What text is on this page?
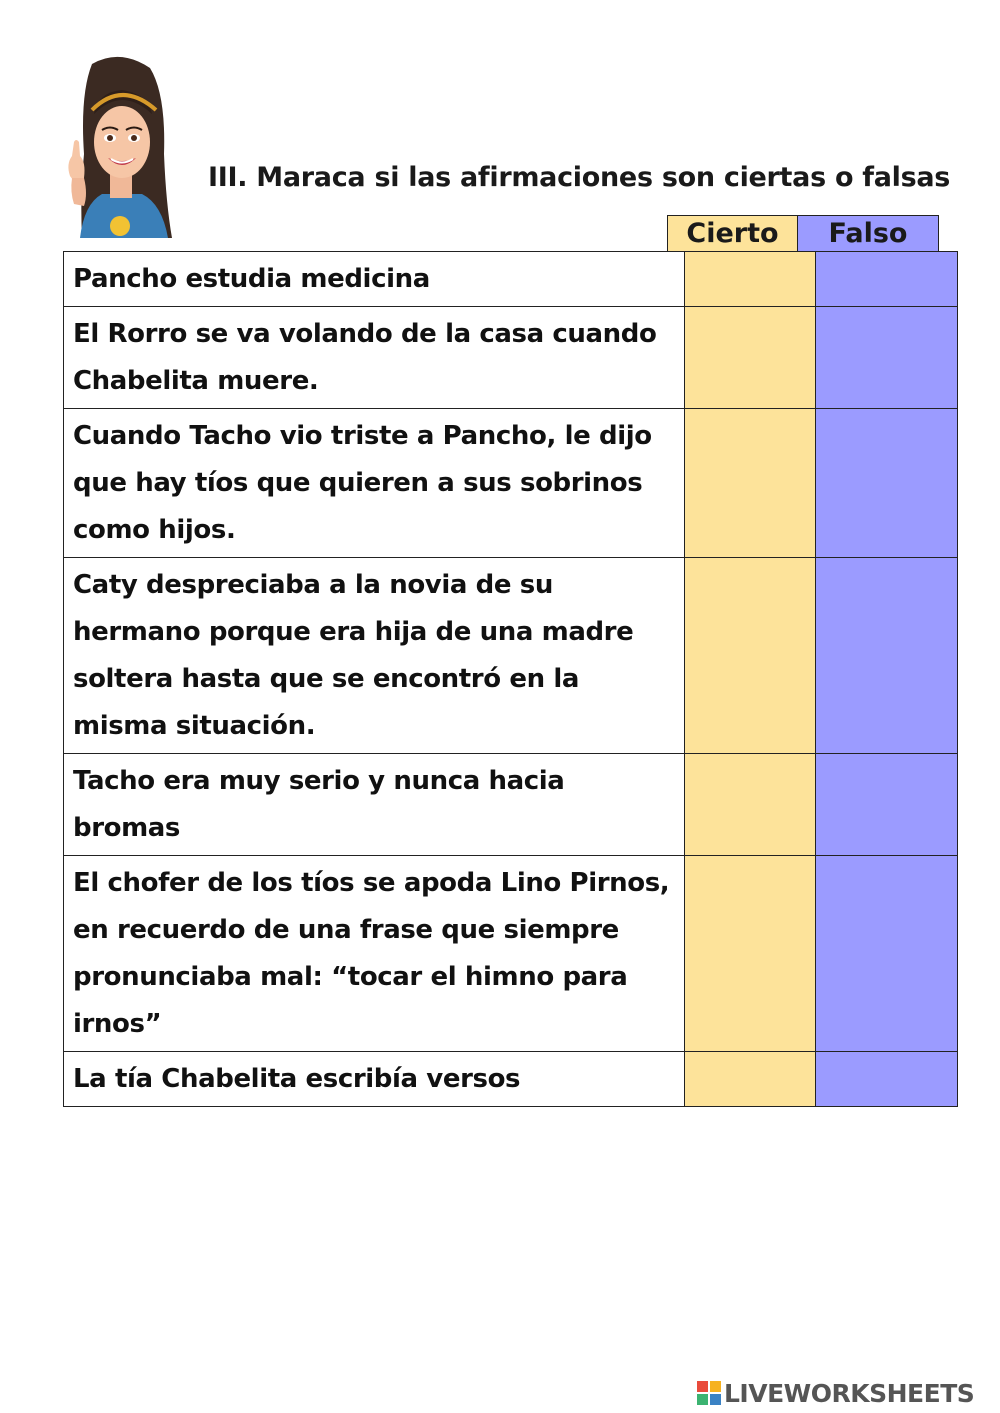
III. Maraca si las afirmaciones son ciertas o falsas
Cierto	Falso
Pancho estudia medicina		
El Rorro se va volando de la casa cuando Chabelita muere.		
Cuando Tacho vio triste a Pancho, le dijo que hay tíos que quieren a sus sobrinos como hijos.		
Caty despreciaba a la novia de su hermano porque era hija de una madre soltera hasta que se encontró en la misma situación.		
Tacho era muy serio y nunca hacia bromas		
El chofer de los tíos se apoda Lino Pirnos, en recuerdo de una frase que siempre pronunciaba mal: “tocar el himno para irnos”		
La tía Chabelita escribía versos		
LIVEWORKSHEETS
